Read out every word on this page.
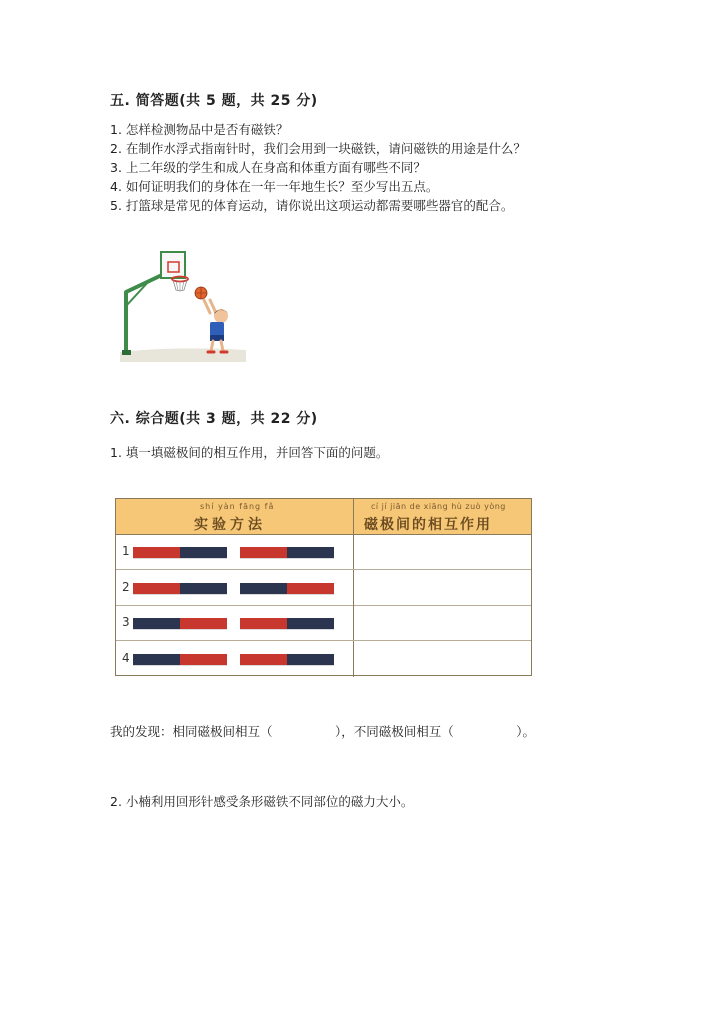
五. 简答题(共 5 题，共 25 分)
1. 怎样检测物品中是否有磁铁？
2. 在制作水浮式指南针时，我们会用到一块磁铁，请问磁铁的用途是什么？
3. 上二年级的学生和成人在身高和体重方面有哪些不同？
4. 如何证明我们的身体在一年一年地生长？至少写出五点。
5. 打篮球是常见的体育运动，请你说出这项运动都需要哪些器官的配合。
六. 综合题(共 3 题，共 22 分)
1. 填一填磁极间的相互作用，并回答下面的问题。
shí yàn fāng fǎ
实验方法
cí jí jiān de xiāng hù zuò yòng
磁极间的相互作用
1
2
3
4
我的发现：相同磁极间相互（　　　　　），不同磁极间相互（　　　　　）。
2. 小楠利用回形针感受条形磁铁不同部位的磁力大小。
